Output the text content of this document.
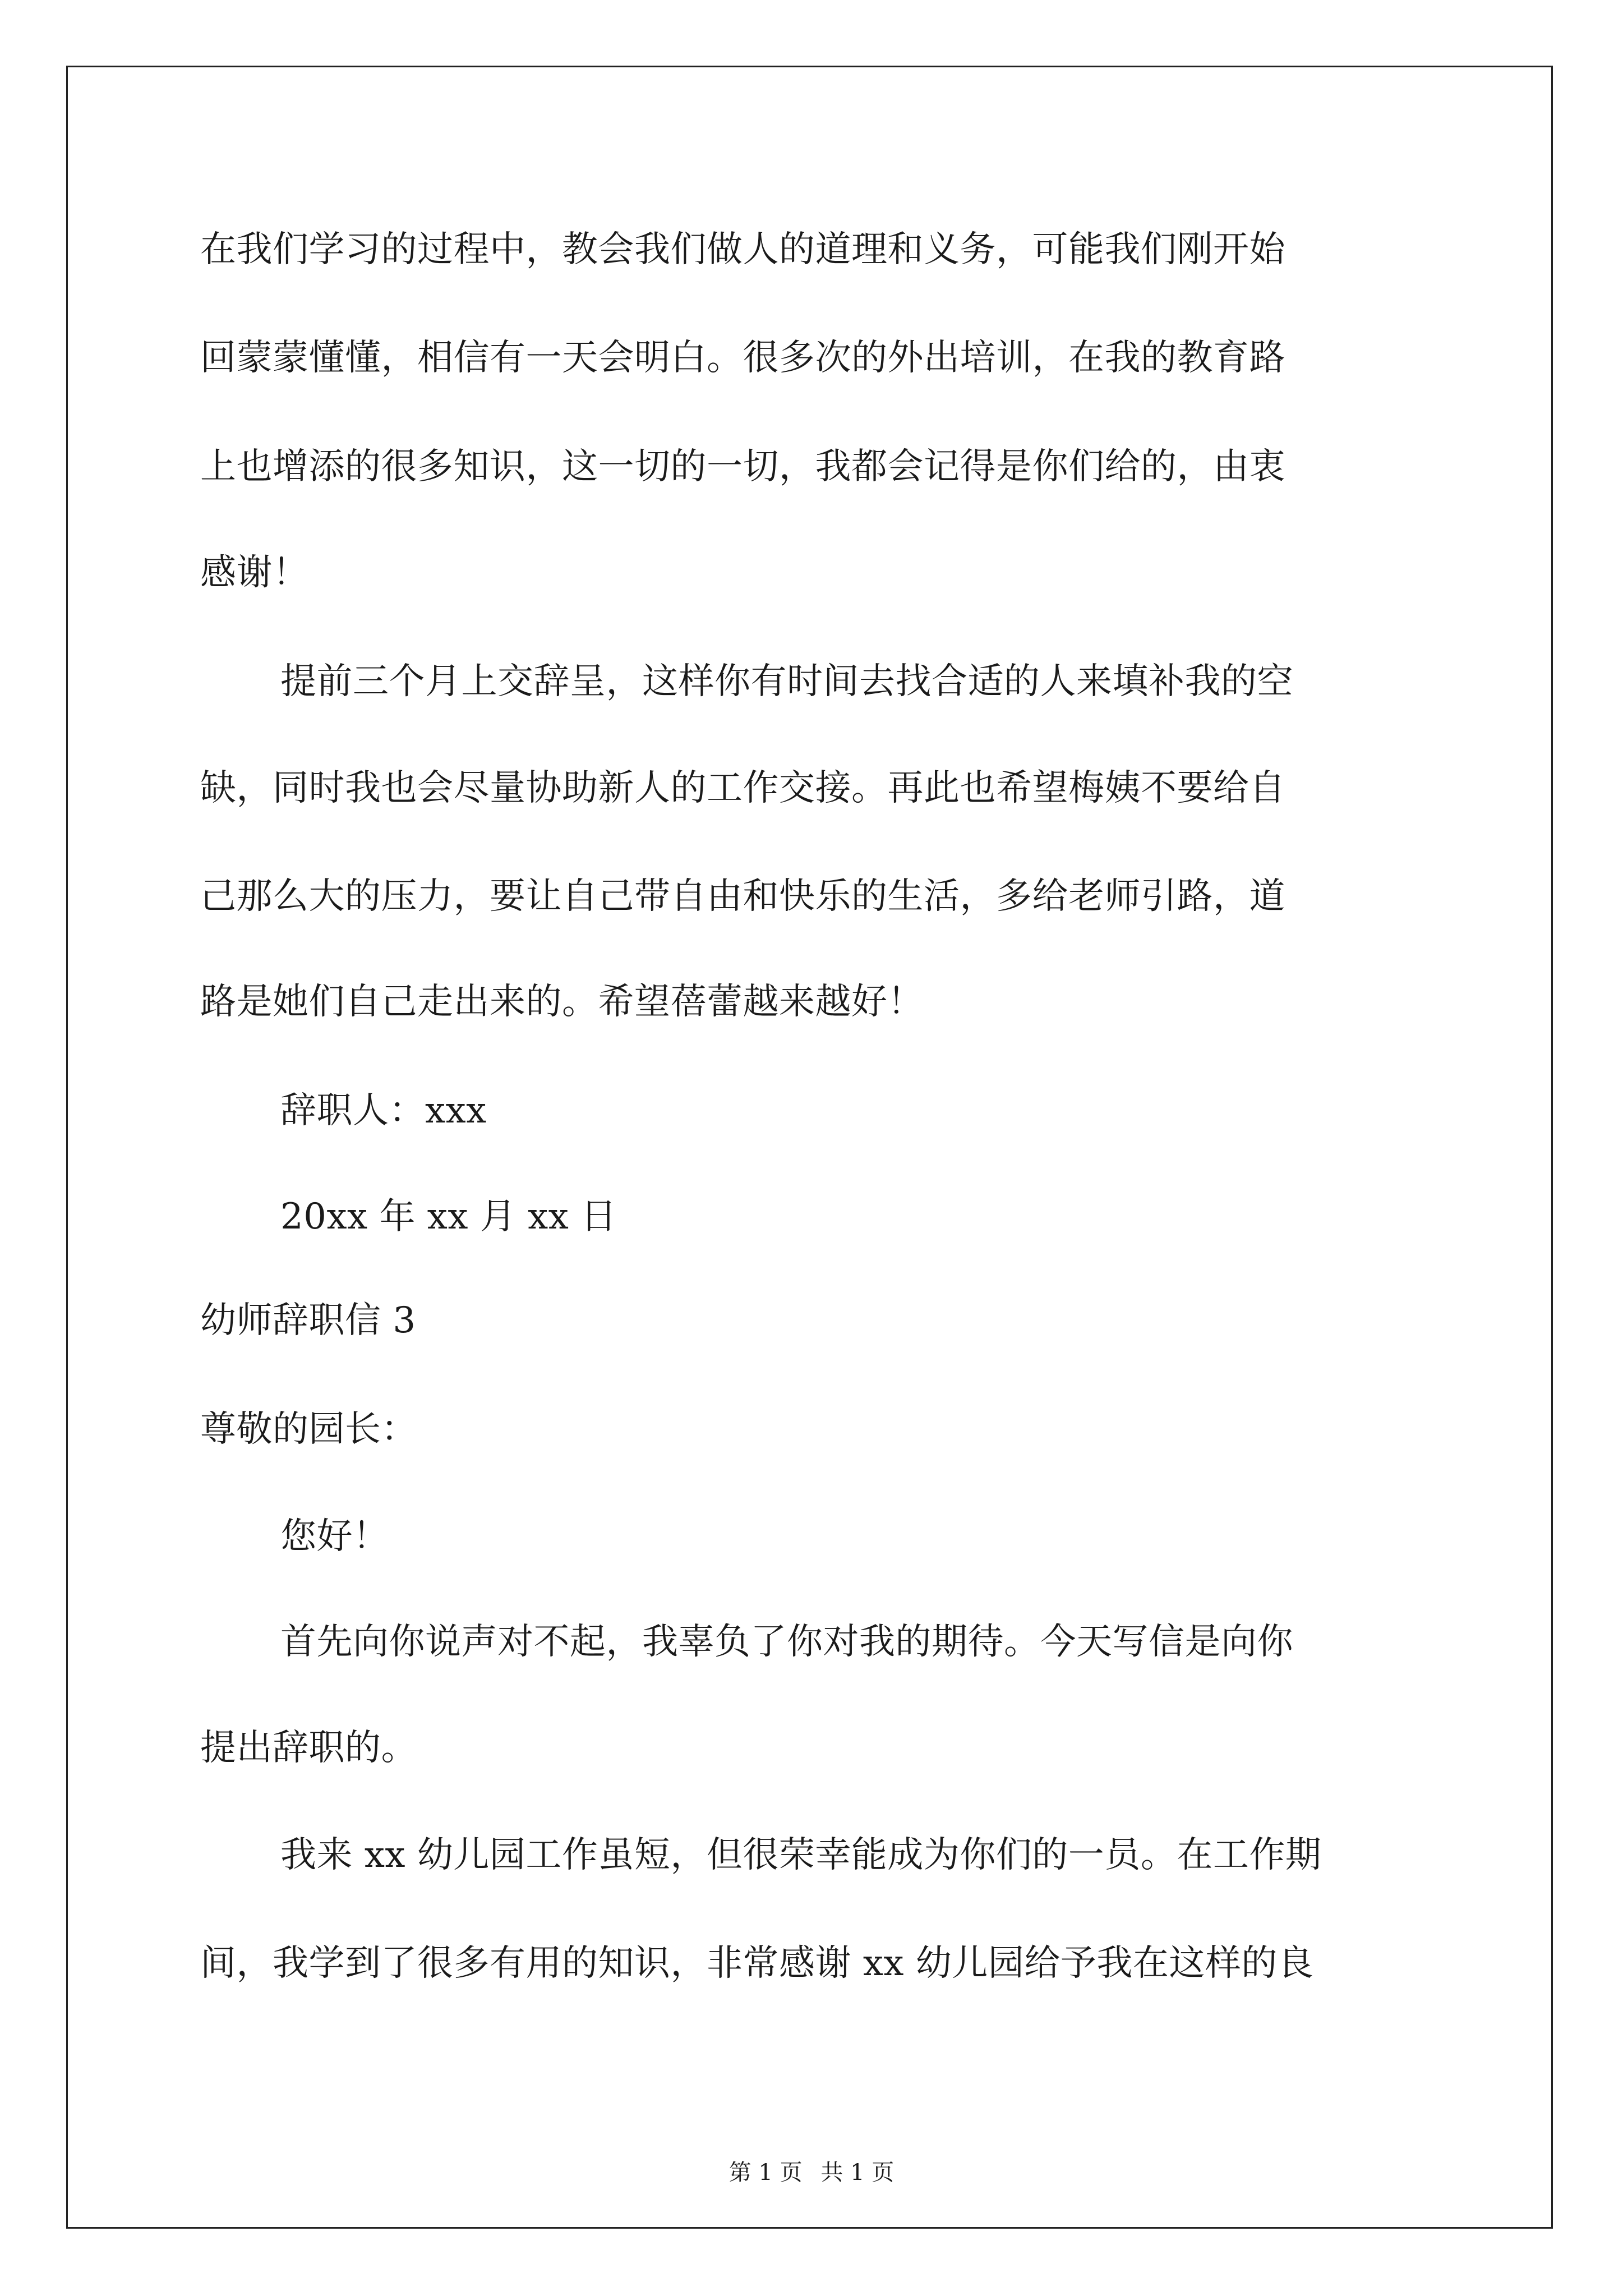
在我们学习的过程中，教会我们做人的道理和义务，可能我们刚开始
回蒙蒙懂懂，相信有一天会明白。很多次的外出培训，在我的教育路
上也增添的很多知识，这一切的一切，我都会记得是你们给的，由衷
感谢！
提前三个月上交辞呈，这样你有时间去找合适的人来填补我的空
缺，同时我也会尽量协助新人的工作交接。再此也希望梅姨不要给自
己那么大的压力，要让自己带自由和快乐的生活，多给老师引路，道
路是她们自己走出来的。希望蓓蕾越来越好！
辞职人：xxx
20xx 年 xx 月 xx 日
幼师辞职信 3
尊敬的园长：
您好！
首先向你说声对不起，我辜负了你对我的期待。今天写信是向你
提出辞职的。
我来 xx 幼儿园工作虽短，但很荣幸能成为你们的一员。在工作期
间，我学到了很多有用的知识，非常感谢 xx 幼儿园给予我在这样的良
第 1 页 共 1 页
